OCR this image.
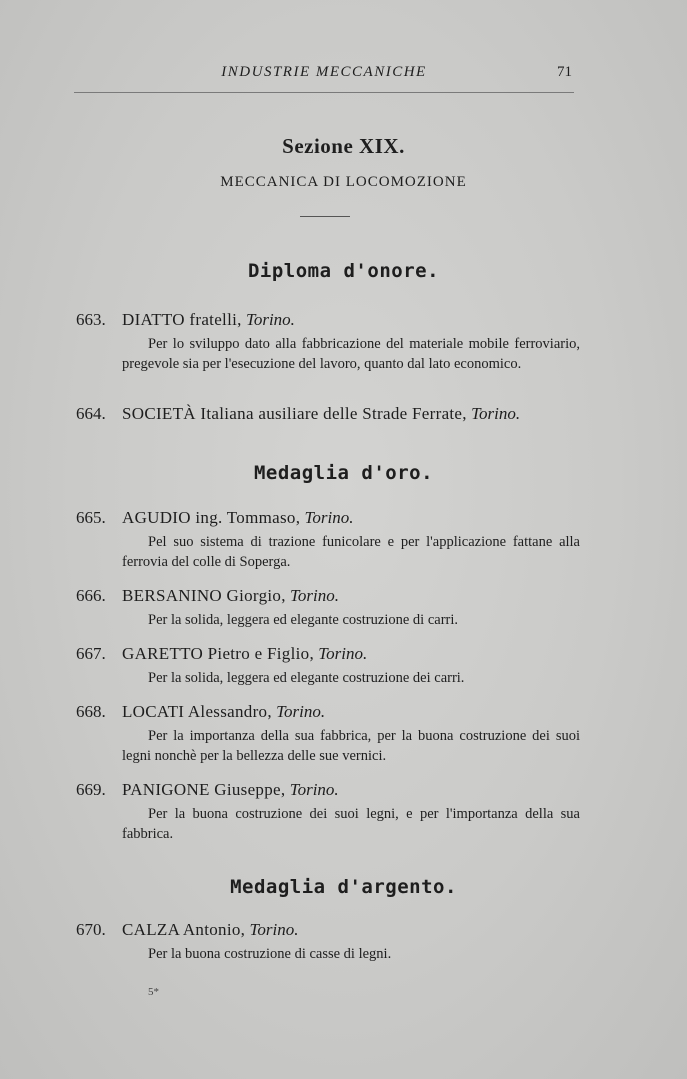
INDUSTRIE MECCANICHE	71
Sezione XIX.
MECCANICA DI LOCOMOZIONE
Diploma d'onore.
663. DIATTO fratelli, Torino.
Per lo sviluppo dato alla fabbricazione del materiale mobile ferroviario, pregevole sia per l'esecuzione del lavoro, quanto dal lato economico.
664. SOCIETÀ Italiana ausiliare delle Strade Ferrate, Torino.
Medaglia d'oro.
665. AGUDIO ing. Tommaso, Torino.
Pel suo sistema di trazione funicolare e per l'applicazione fattane alla ferrovia del colle di Soperga.
666. BERSANINO Giorgio, Torino.
Per la solida, leggera ed elegante costruzione di carri.
667. GARETTO Pietro e Figlio, Torino.
Per la solida, leggera ed elegante costruzione dei carri.
668. LOCATI Alessandro, Torino.
Per la importanza della sua fabbrica, per la buona costruzione dei suoi legni nonchè per la bellezza delle sue vernici.
669. PANIGONE Giuseppe, Torino.
Per la buona costruzione dei suoi legni, e per l'importanza della sua fabbrica.
Medaglia d'argento.
670. CALZA Antonio, Torino.
Per la buona costruzione di casse di legni.
5*
